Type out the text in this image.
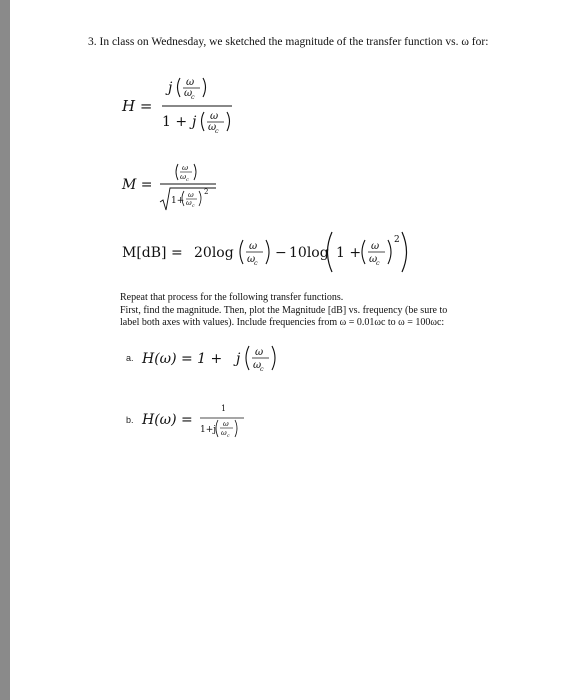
3. In class on Wednesday, we sketched the magnitude of the transfer function vs. ω for:
H =
j ω
ω
c
1 + j ω
ω
c
M =
ω
ω c
1+
ω
ω c
2
M[dB] = 20log ω
ω
c
− 10log 1 + ω
ω
c
2
Repeat that process for the following transfer functions.
First, find the magnitude. Then, plot the Magnitude [dB] vs. frequency (be sure to
label both axes with values). Include frequencies from ω = 0.01ωc to ω = 100ωc:
a. H(ω) = 1 + j ω
ω
c
b. H(ω) =
1
1+j
ω
ω c
